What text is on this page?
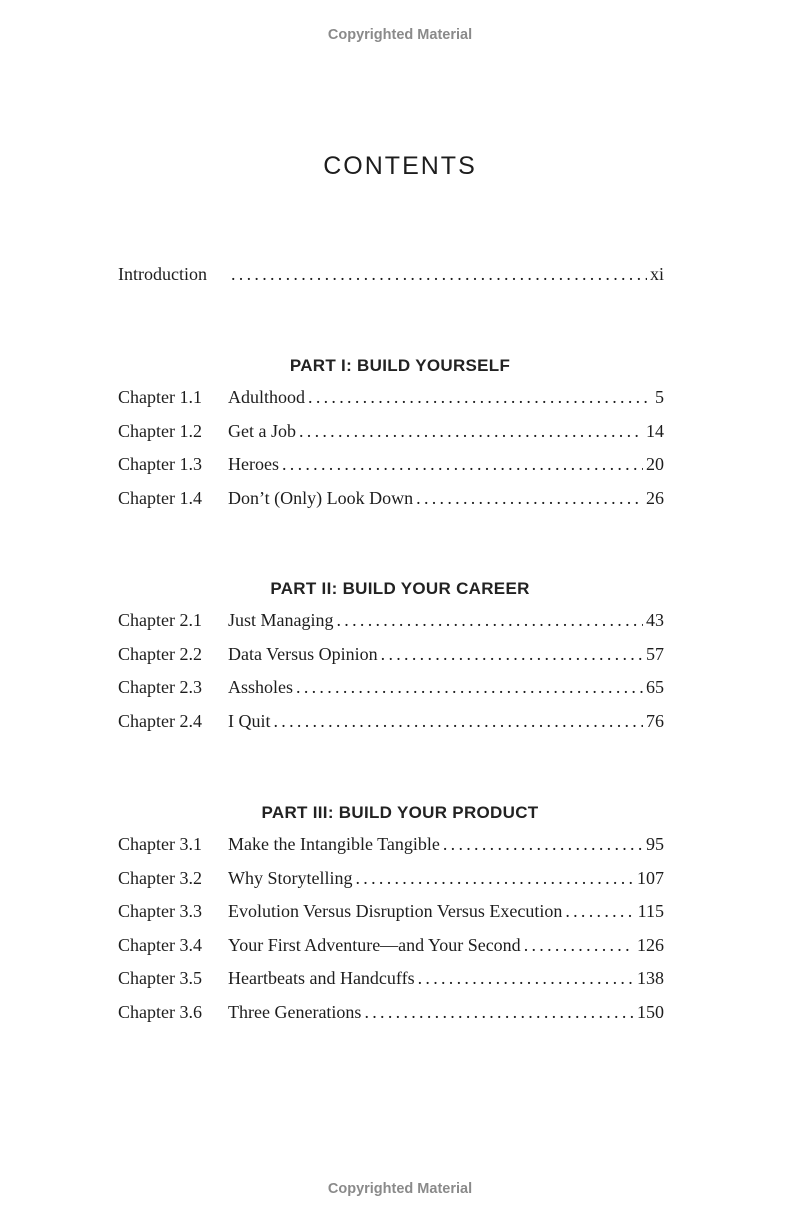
Copyrighted Material
CONTENTS
Introduction . . .	xi
PART I: BUILD YOURSELF
Chapter 1.1	Adulthood . . .	5
Chapter 1.2	Get a Job . . .	14
Chapter 1.3	Heroes . . .	20
Chapter 1.4	Don’t (Only) Look Down . . .	26
PART II: BUILD YOUR CAREER
Chapter 2.1	Just Managing . . .	43
Chapter 2.2	Data Versus Opinion . . .	57
Chapter 2.3	Assholes . . .	65
Chapter 2.4	I Quit . . .	76
PART III: BUILD YOUR PRODUCT
Chapter 3.1	Make the Intangible Tangible . . .	95
Chapter 3.2	Why Storytelling . . .	107
Chapter 3.3	Evolution Versus Disruption Versus Execution . . .	115
Chapter 3.4	Your First Adventure—and Your Second . . .	126
Chapter 3.5	Heartbeats and Handcuffs . . .	138
Chapter 3.6	Three Generations . . .	150
Copyrighted Material
